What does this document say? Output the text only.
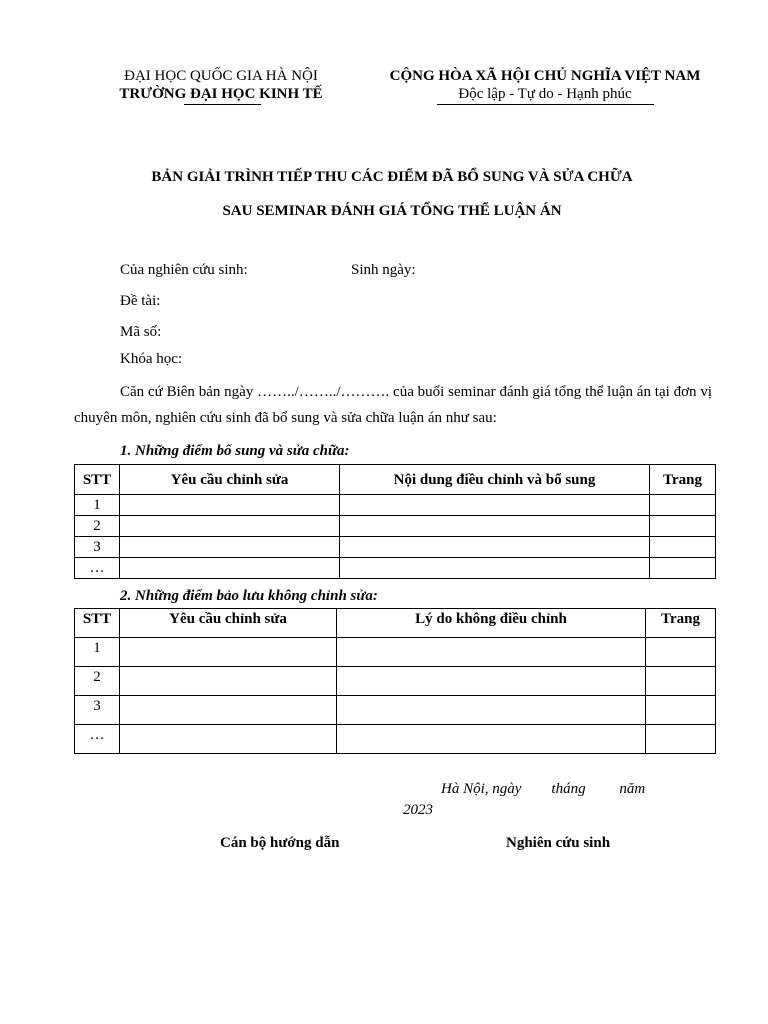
ĐẠI HỌC QUỐC GIA HÀ NỘI
TRƯỜNG ĐẠI HỌC KINH TẾ
CỘNG HÒA XÃ HỘI CHỦ NGHĨA VIỆT NAM
Độc lập - Tự do - Hạnh phúc
BẢN GIẢI TRÌNH TIẾP THU CÁC ĐIỂM ĐÃ BỔ SUNG VÀ SỬA CHỮA
SAU SEMINAR ĐÁNH GIÁ TỔNG THỂ LUẬN ÁN
Của nghiên cứu sinh:	Sinh ngày:
Đề tài:
Mã số:
Khóa học:
Căn cứ Biên bản ngày ……../……../………. của buổi seminar đánh giá tổng thể luận án tại đơn vị chuyên môn, nghiên cứu sinh đã bổ sung và sửa chữa luận án như sau:
1. Những điểm bổ sung và sửa chữa:
STT	Yêu cầu chỉnh sửa	Nội dung điều chỉnh và bổ sung	Trang
1			
2			
3			
…			
2. Những điểm bảo lưu không chỉnh sửa:
STT	Yêu cầu chỉnh sửa	Lý do không điều chỉnh	Trang
1			
2			
3			
…			
Hà Nội, ngày        tháng         năm
2023
Cán bộ hướng dẫn	Nghiên cứu sinh
